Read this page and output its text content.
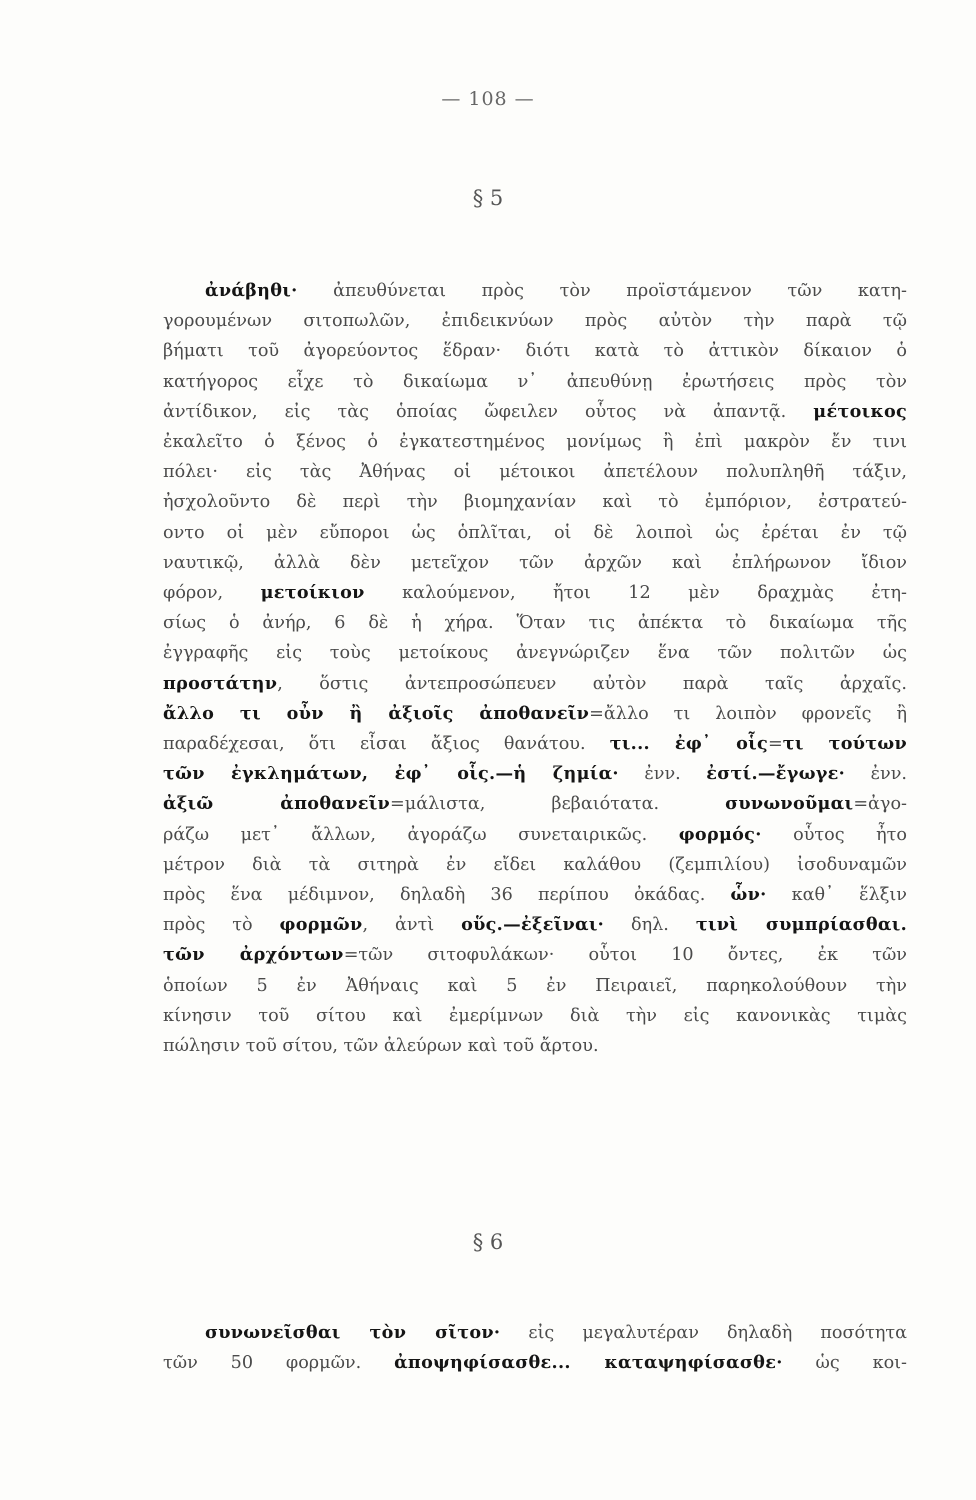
— 108 —
§ 5
ἀνάβηθι· ἀπευθύνεται πρὸς τὸν προϊστάμενον τῶν κατη-
γορουμένων σιτοπωλῶν, ἐπιδεικνύων πρὸς αὐτὸν τὴν παρὰ τῷ
βήματι τοῦ ἀγορεύοντος ἕδραν· διότι κατὰ τὸ ἀττικὸν δίκαιον ὁ
κατήγορος εἶχε τὸ δικαίωμα ν᾽ ἀπευθύνῃ ἐρωτήσεις πρὸς τὸν
ἀντίδικον, εἰς τὰς ὁποίας ὤφειλεν οὗτος νὰ ἀπαντᾷ. μέτοικος
ἐκαλεῖτο ὁ ξένος ὁ ἐγκατεστημένος μονίμως ἢ ἐπὶ μακρὸν ἔν τινι
πόλει· εἰς τὰς Ἀθήνας οἱ μέτοικοι ἀπετέλουν πολυπληθῆ τάξιν,
ἠσχολοῦντο δὲ περὶ τὴν βιομηχανίαν καὶ τὸ ἐμπόριον, ἐστρατεύ-
οντο οἱ μὲν εὔποροι ὡς ὁπλῖται, οἱ δὲ λοιποὶ ὡς ἐρέται ἐν τῷ
ναυτικῷ, ἀλλὰ δὲν μετεῖχον τῶν ἀρχῶν καὶ ἐπλήρωνον ἴδιον
φόρον, μετοίκιον καλούμενον, ἤτοι 12 μὲν δραχμὰς ἐτη-
σίως ὁ ἀνήρ, 6 δὲ ἡ χήρα. Ὅταν τις ἀπέκτα τὸ δικαίωμα τῆς
ἐγγραφῆς εἰς τοὺς μετοίκους ἀνεγνώριζεν ἕνα τῶν πολιτῶν ὡς
προστάτην, ὅστις ἀντεπροσώπευεν αὐτὸν παρὰ ταῖς ἀρχαῖς.
ἄλλο τι οὖν ἢ ἀξιοῖς ἀποθανεῖν=ἄλλο τι λοιπὸν φρονεῖς ἢ
παραδέχεσαι, ὅτι εἶσαι ἄξιος θανάτου. τι... ἐφ᾽ οἷς=τι τούτων
τῶν ἐγκλημάτων, ἐφ᾽ οἷς.—ἡ ζημία· ἐνν. ἐστί.—ἔγωγε· ἐνν.
ἀξιῶ ἀποθανεῖν=μάλιστα, βεβαιότατα. συνωνοῦμαι=ἀγο-
ράζω μετ᾽ ἄλλων, ἀγοράζω συνεταιρικῶς. φορμός· οὗτος ἦτο
μέτρον διὰ τὰ σιτηρὰ ἐν εἴδει καλάθου (ζεμπιλίου) ἰσοδυναμῶν
πρὸς ἕνα μέδιμνον, δηλαδὴ 36 περίπου ὀκάδας. ὧν· καθ᾽ ἕλξιν
πρὸς τὸ φορμῶν, ἀντὶ οὕς.—ἐξεῖναι· δηλ. τινὶ συμπρίασθαι.
τῶν ἀρχόντων=τῶν σιτοφυλάκων· οὗτοι 10 ὄντες, ἐκ τῶν
ὁποίων 5 ἐν Ἀθήναις καὶ 5 ἐν Πειραιεῖ, παρηκολούθουν τὴν
κίνησιν τοῦ σίτου καὶ ἐμερίμνων διὰ τὴν εἰς κανονικὰς τιμὰς
πώλησιν τοῦ σίτου, τῶν ἀλεύρων καὶ τοῦ ἄρτου.
§ 6
συνωνεῖσθαι τὸν σῖτον· εἰς μεγαλυτέραν δηλαδὴ ποσότητα
τῶν 50 φορμῶν. ἀποψηφίσασθε... καταψηφίσασθε· ὡς κοι-
